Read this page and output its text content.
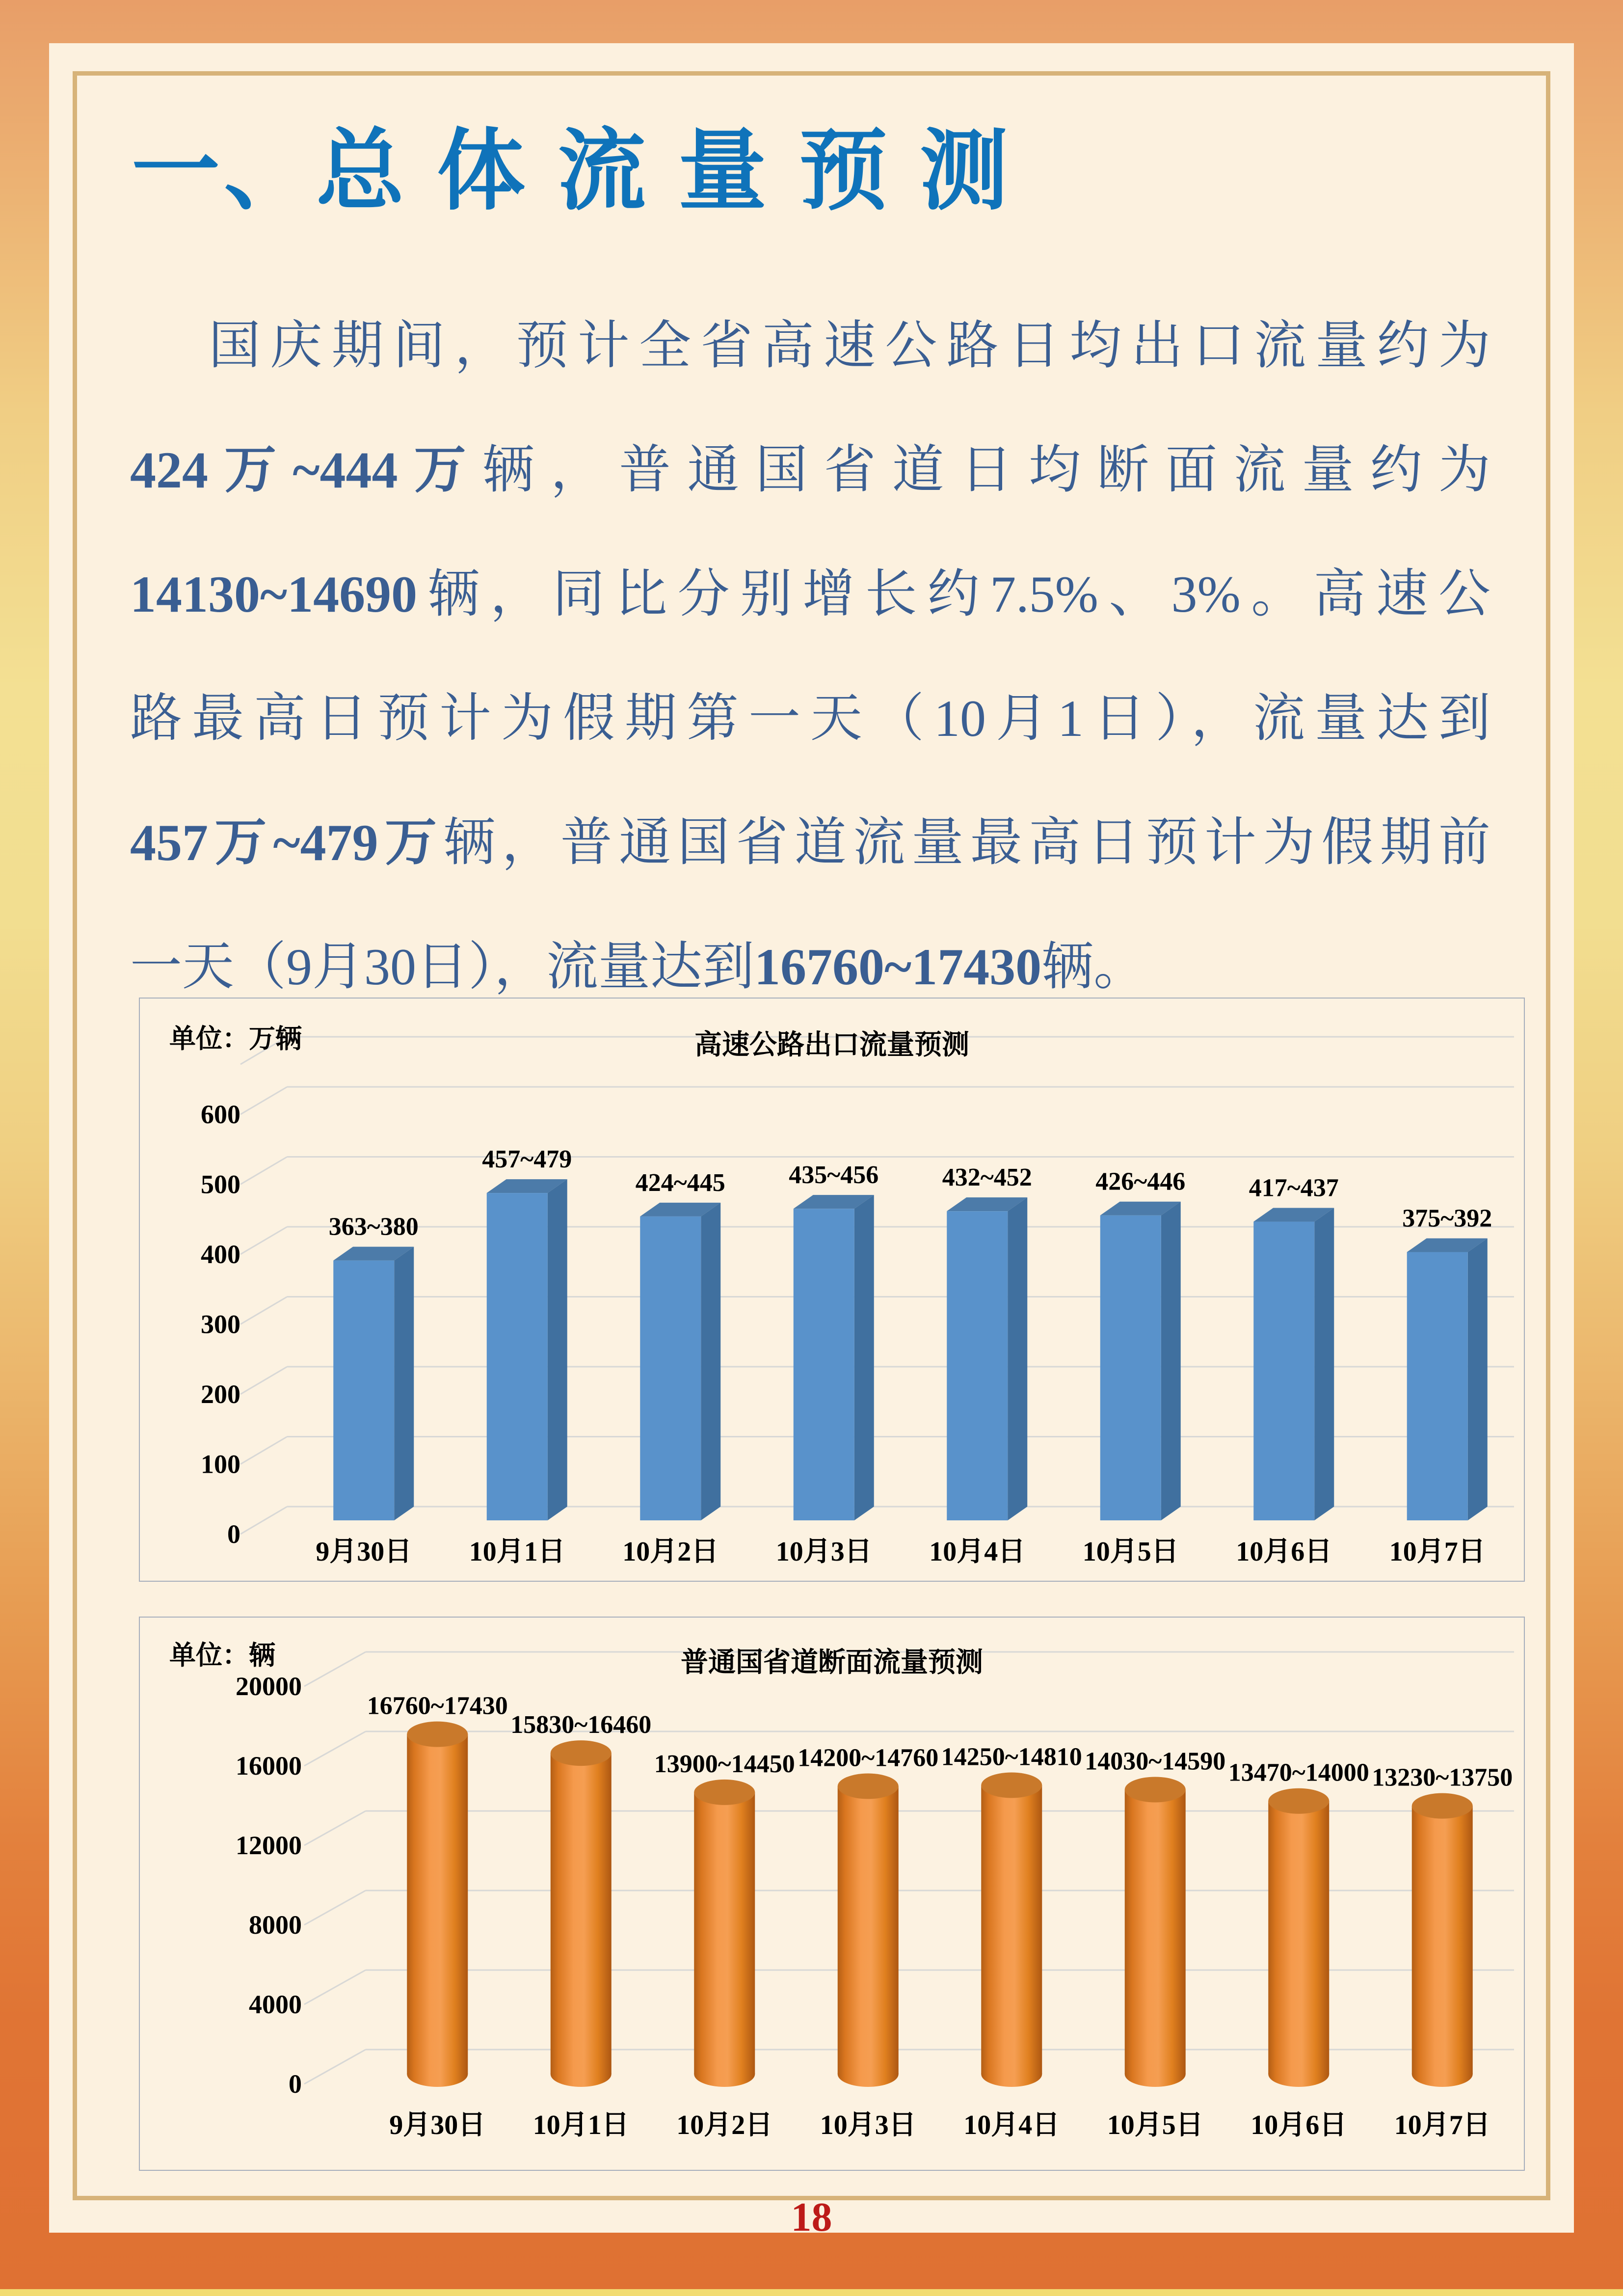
一、总 体 流 量 预 测
国庆期间，预计全省高速公路日均出口流量约为
424万~444万辆，普通国省道日均断面流量约为
14130~14690辆，同比分别增长约7.5%、3%。高速公
路最高日预计为假期第一天（10月1日），流量达到
457万~479万辆，普通国省道流量最高日预计为假期前
一天（9月30日），流量达到16760~17430辆。
0
100
200
300
400
500
600
363~380
9月30日
457~479
10月1日
424~445
10月2日
435~456
10月3日
432~452
10月4日
426~446
10月5日
417~437
10月6日
375~392
10月7日
单位：万辆	高速公路出口流量预测
0
4000
8000
12000
16000
20000
16760~17430
9月30日
15830~16460
10月1日
13900~14450
10月2日
14200~14760
10月3日
14250~14810
10月4日
14030~14590
10月5日
13470~14000
10月6日
13230~13750
10月7日
单位：辆	普通国省道断面流量预测
18
